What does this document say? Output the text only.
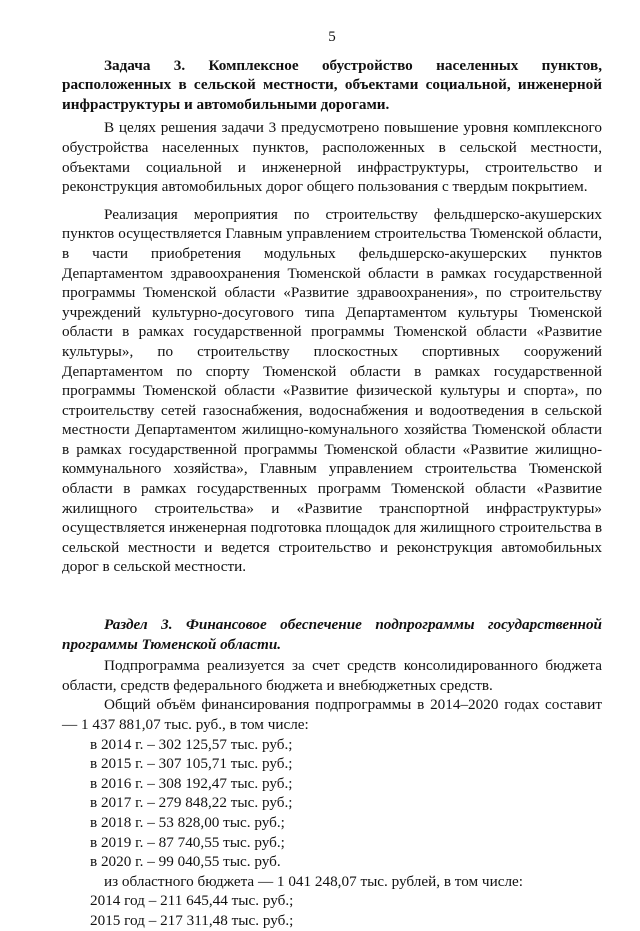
5

Задача 3. Комплексное обустройство населенных пунктов, расположенных в сельской местности, объектами социальной, инженерной инфраструктуры и автомобильными дорогами.

В целях решения задачи 3 предусмотрено повышение уровня комплексного обустройства населенных пунктов, расположенных в сельской местности, объектами социальной и инженерной инфраструктуры, строительство и реконструкция автомобильных дорог общего пользования с твердым покрытием.

Реализация мероприятия по строительству фельдшерско-акушерских пунктов осуществляется Главным управлением строительства Тюменской области, в части приобретения модульных фельдшерско-акушерских пунктов Департаментом здравоохранения Тюменской области в рамках государственной программы Тюменской области «Развитие здравоохранения», по строительству учреждений культурно-досугового типа Департаментом культуры Тюменской области в рамках государственной программы Тюменской области «Развитие культуры», по строительству плоскостных спортивных сооружений Департаментом по спорту Тюменской области в рамках государственной программы Тюменской области «Развитие физической культуры и спорта», по строительству сетей газоснабжения, водоснабжения и водоотведения в сельской местности Департаментом жилищно-комунального хозяйства Тюменской области в рамках государственной программы Тюменской области «Развитие жилищно-коммунального хозяйства», Главным управлением строительства Тюменской области в рамках государственных программ Тюменской области «Развитие жилищного строительства» и «Развитие транспортной инфраструктуры» осуществляется инженерная подготовка площадок для жилищного строительства в сельской местности и ведется строительство и реконструкция автомобильных дорог в сельской местности.

Раздел 3. Финансовое обеспечение подпрограммы государственной программы Тюменской области.

Подпрограмма реализуется за счет средств консолидированного бюджета области, средств федерального бюджета и внебюджетных средств.

Общий объём финансирования подпрограммы в 2014–2020 годах составит — 1 437 881,07 тыс. руб., в том числе:

в 2014 г. – 302 125,57 тыс. руб.;
в 2015 г. – 307 105,71 тыс. руб.;
в 2016 г. – 308 192,47 тыс. руб.;
в 2017 г. – 279 848,22 тыс. руб.;
в 2018 г. – 53 828,00 тыс. руб.;
в 2019 г. – 87 740,55 тыс. руб.;
в 2020 г. – 99 040,55 тыс. руб.

из областного бюджета — 1 041 248,07 тыс. рублей, в том числе:

2014 год – 211 645,44 тыс. руб.;
2015 год – 217 311,48 тыс. руб.;
